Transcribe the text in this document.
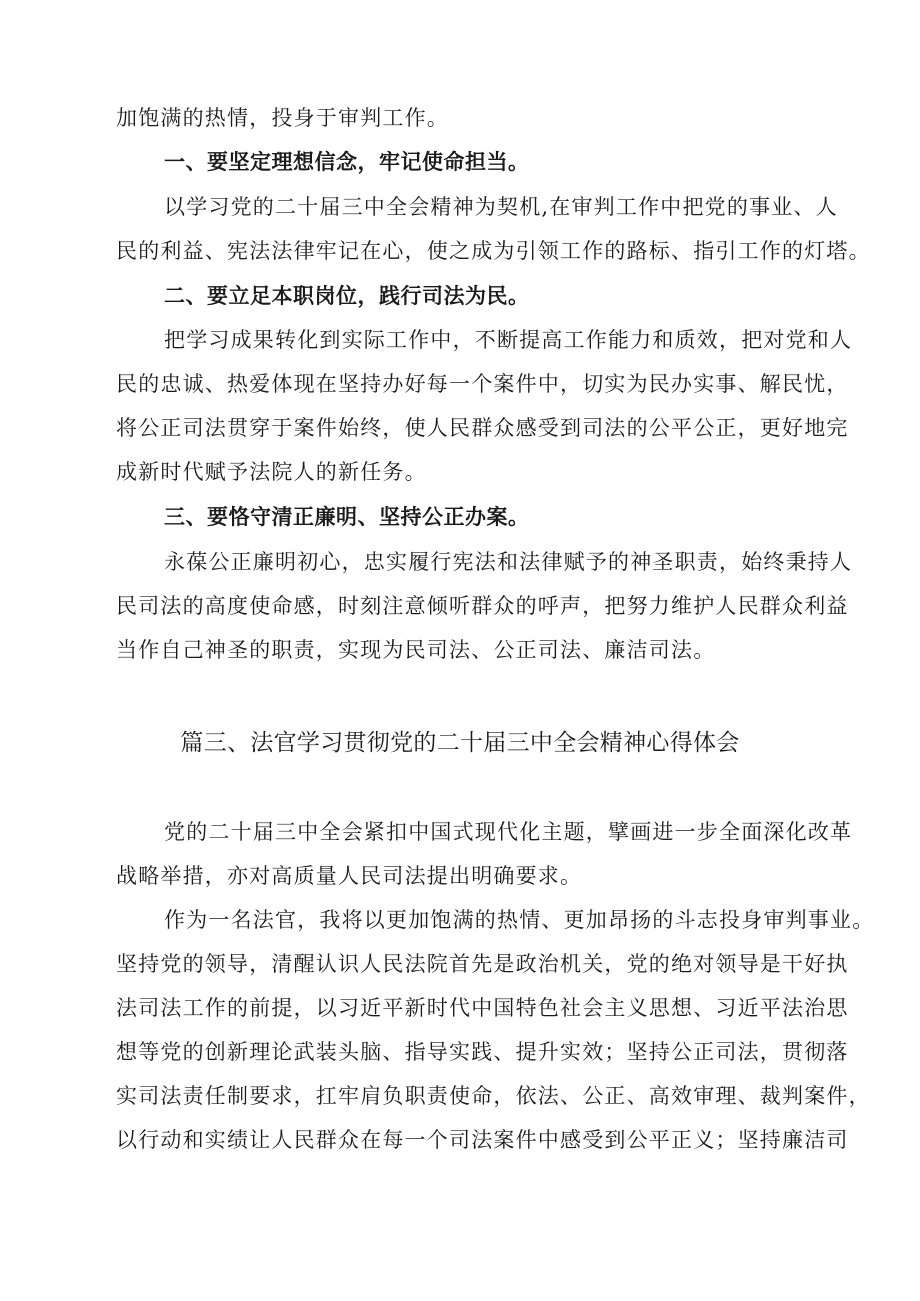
加饱满的热情，投身于审判工作。
一、要坚定理想信念，牢记使命担当。
以学习党的二十届三中全会精神为契机,在审判工作中把党的事业、人
民的利益、宪法法律牢记在心，使之成为引领工作的路标、指引工作的灯塔。
二、要立足本职岗位，践行司法为民。
把学习成果转化到实际工作中，不断提高工作能力和质效，把对党和人
民的忠诚、热爱体现在坚持办好每一个案件中，切实为民办实事、解民忧，
将公正司法贯穿于案件始终，使人民群众感受到司法的公平公正，更好地完
成新时代赋予法院人的新任务。
三、要恪守清正廉明、坚持公正办案。
永葆公正廉明初心，忠实履行宪法和法律赋予的神圣职责，始终秉持人
民司法的高度使命感，时刻注意倾听群众的呼声，把努力维护人民群众利益
当作自己神圣的职责，实现为民司法、公正司法、廉洁司法。
篇三、法官学习贯彻党的二十届三中全会精神心得体会
党的二十届三中全会紧扣中国式现代化主题，擘画进一步全面深化改革
战略举措，亦对高质量人民司法提出明确要求。
作为一名法官，我将以更加饱满的热情、更加昂扬的斗志投身审判事业。
坚持党的领导，清醒认识人民法院首先是政治机关，党的绝对领导是干好执
法司法工作的前提，以习近平新时代中国特色社会主义思想、习近平法治思
想等党的创新理论武装头脑、指导实践、提升实效；坚持公正司法，贯彻落
实司法责任制要求，扛牢肩负职责使命，依法、公正、高效审理、裁判案件，
以行动和实绩让人民群众在每一个司法案件中感受到公平正义；坚持廉洁司
